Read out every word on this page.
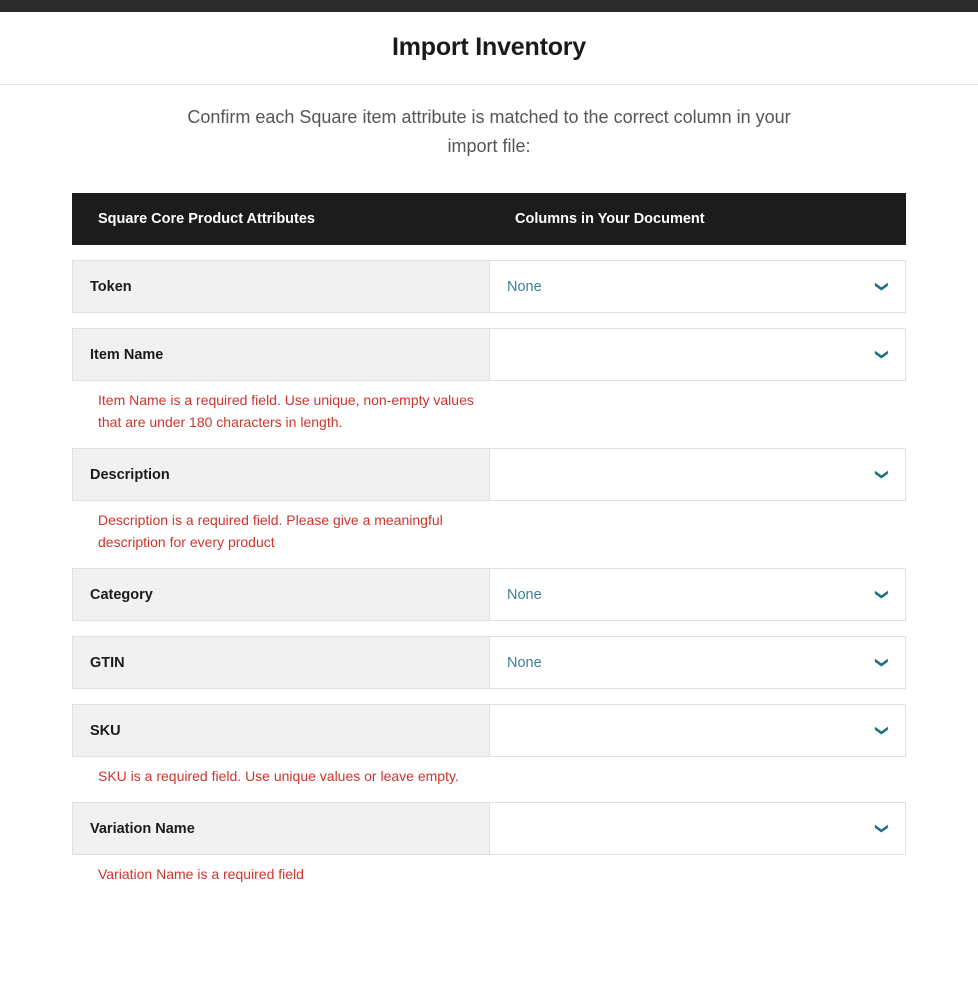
Import Inventory

Confirm each Square item attribute is matched to the correct column in your import file:

Square Core Product Attributes	Columns in Your Document
Token	None	❯
Item Name	❯
Item Name is a required field. Use unique, non-empty values that are under 180 characters in length.
Description	❯
Description is a required field. Please give a meaningful description for every product
Category	None	❯
GTIN	None	❯
SKU	❯
SKU is a required field. Use unique values or leave empty.
Variation Name	❯
Variation Name is a required field
